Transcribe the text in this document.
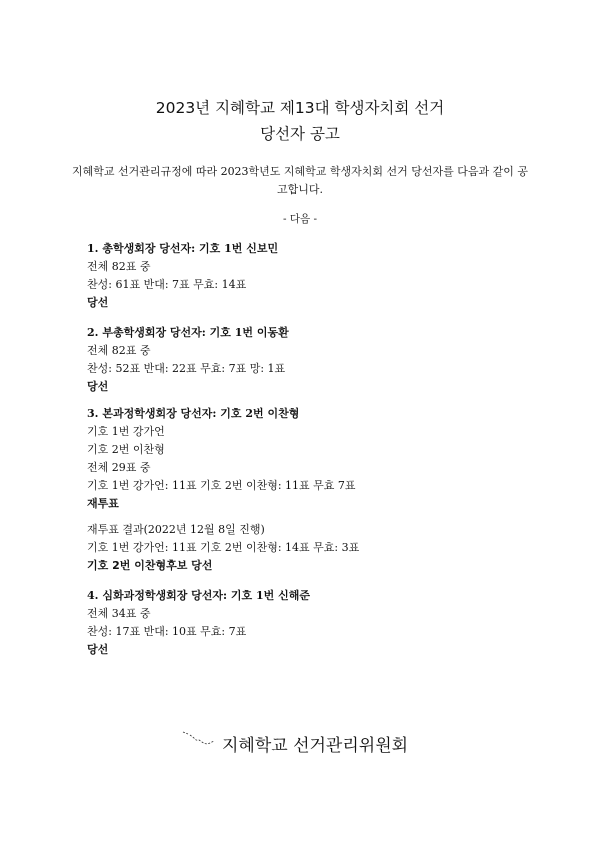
2023년 지혜학교 제13대 학생자치회 선거
당선자 공고
지혜학교 선거관리규정에 따라 2023학년도 지혜학교 학생자치회 선거 당선자를 다음과 같이 공고합니다.
- 다음 -
1. 총학생회장 당선자: 기호 1번 신보민
전체 82표 중
찬성: 61표 반대: 7표 무효: 14표
당선
2. 부총학생회장 당선자: 기호 1번 이동환
전체 82표 중
찬성: 52표 반대: 22표 무효: 7표 망: 1표
당선
3. 본과정학생회장 당선자: 기호 2번 이찬형
기호 1번 강가언
기호 2번 이찬형
전체 29표 중
기호 1번 강가언: 11표 기호 2번 이찬형: 11표 무효 7표
재투표
재투표 결과(2022년 12월 8일 진행)
기호 1번 강가언: 11표 기호 2번 이찬형: 14표 무효: 3표
기호 2번 이찬형후보 당선
4. 심화과정학생회장 당선자: 기호 1번 신해준
전체 34표 중
찬성: 17표 반대: 10표 무효: 7표
당선
지혜학교 선거관리위원회
